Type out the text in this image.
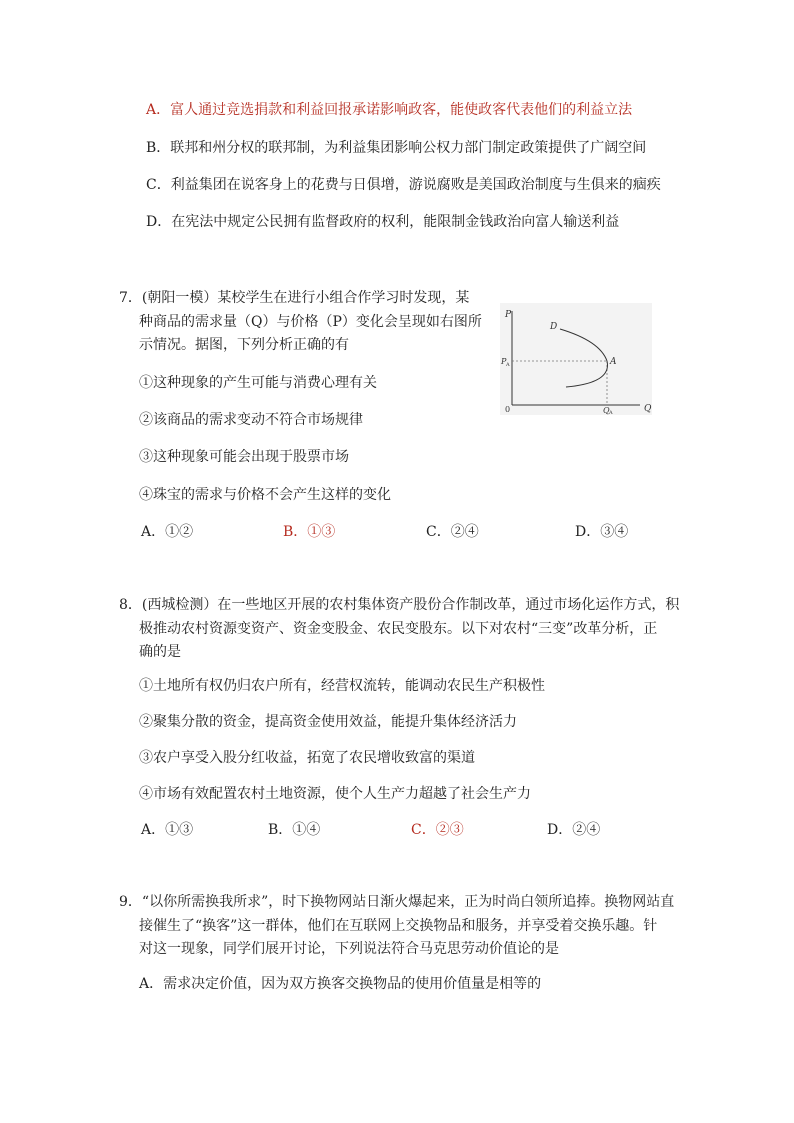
A．富人通过竞选捐款和利益回报承诺影响政客，能使政客代表他们的利益立法
B．联邦和州分权的联邦制，为利益集团影响公权力部门制定政策提供了广阔空间
C．利益集团在说客身上的花费与日俱增，游说腐败是美国政治制度与生俱来的痼疾
D．在宪法中规定公民拥有监督政府的权利，能限制金钱政治向富人输送利益
7．(朝阳一模）某校学生在进行小组合作学习时发现，某
种商品的需求量（Q）与价格（P）变化会呈现如右图所
示情况。据图，下列分析正确的有
①这种现象的产生可能与消费心理有关
②该商品的需求变动不符合市场规律
③这种现象可能会出现于股票市场
④珠宝的需求与价格不会产生这样的变化
A．①②	B．①③	C．②④	D．③④
P
Q
0
D
A
P A
Q A
8．(西城检测）在一些地区开展的农村集体资产股份合作制改革，通过市场化运作方式，积
极推动农村资源变资产、资金变股金、农民变股东。以下对农村“三变”改革分析，正
确的是
①土地所有权仍归农户所有，经营权流转，能调动农民生产积极性
②聚集分散的资金，提高资金使用效益，能提升集体经济活力
③农户享受入股分红收益，拓宽了农民增收致富的渠道
④市场有效配置农村土地资源，使个人生产力超越了社会生产力
A．①③	B．①④	C．②③	D．②④
9．“以你所需换我所求”，时下换物网站日渐火爆起来，正为时尚白领所追捧。换物网站直
接催生了“换客”这一群体，他们在互联网上交换物品和服务，并享受着交换乐趣。针
对这一现象，同学们展开讨论，下列说法符合马克思劳动价值论的是
A．需求决定价值，因为双方换客交换物品的使用价值量是相等的
